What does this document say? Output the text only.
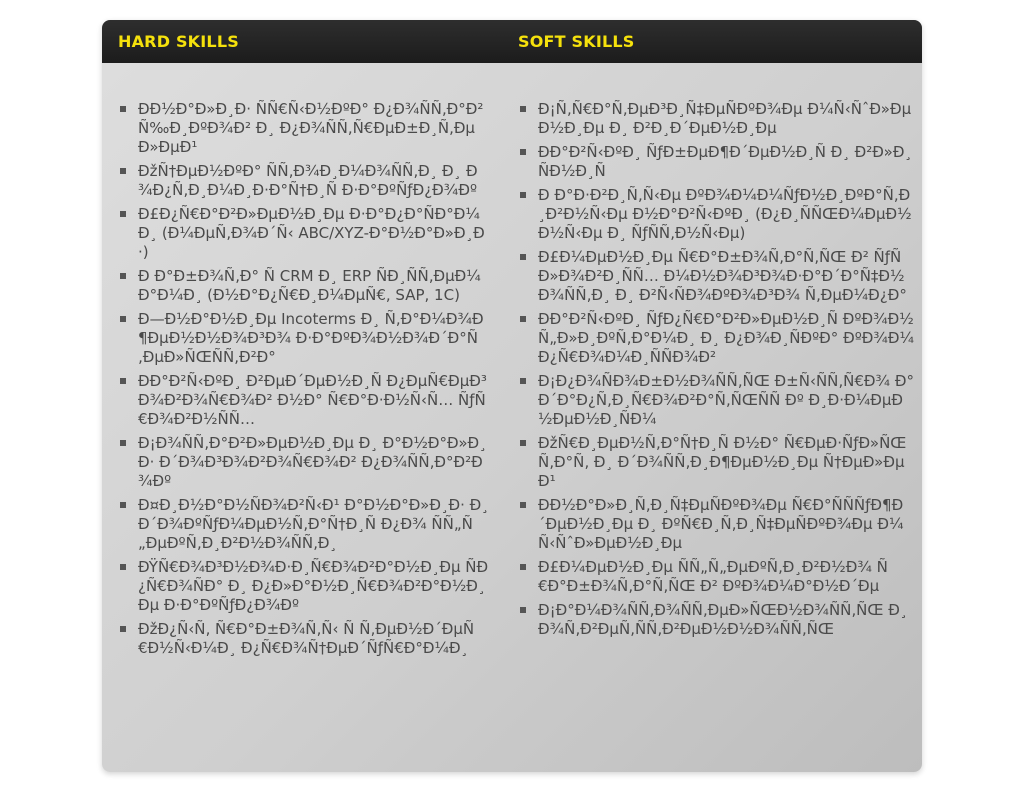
HARD SKILLS	SOFT SKILLS
ÐÐ½Ð°Ð»Ð¸Ð· ÑÑ€Ñ‹Ð½ÐºÐ° Ð¿Ð¾ÑÑ‚Ð°Ð²Ñ‰Ð¸ÐºÐ¾Ð² Ð¸ Ð¿Ð¾ÑÑ‚Ñ€ÐµÐ±Ð¸Ñ‚ÐµÐ»ÐµÐ¹
ÐžÑ†ÐµÐ½ÐºÐ° ÑÑ‚Ð¾Ð¸Ð¼Ð¾ÑÑ‚Ð¸ Ð¸ Ð¾Ð¿Ñ‚Ð¸Ð¼Ð¸Ð·Ð°Ñ†Ð¸Ñ Ð·Ð°ÐºÑƒÐ¿Ð¾Ðº
Ð£Ð¿Ñ€Ð°Ð²Ð»ÐµÐ½Ð¸Ðµ Ð·Ð°Ð¿Ð°ÑÐ°Ð¼Ð¸ (Ð¼ÐµÑ‚Ð¾Ð´Ñ‹ ABC/XYZ-Ð°Ð½Ð°Ð»Ð¸Ð·)
Ð Ð°Ð±Ð¾Ñ‚Ð° Ñ CRM Ð¸ ERP ÑÐ¸ÑÑ‚ÐµÐ¼Ð°Ð¼Ð¸ (Ð½Ð°Ð¿Ñ€Ð¸Ð¼ÐµÑ€, SAP, 1C)
Ð—Ð½Ð°Ð½Ð¸Ðµ Incoterms Ð¸ Ñ‚Ð°Ð¼Ð¾Ð¶ÐµÐ½Ð½Ð¾Ð³Ð¾ Ð·Ð°ÐºÐ¾Ð½Ð¾Ð´Ð°Ñ‚ÐµÐ»ÑŒÑÑ‚Ð²Ð°
ÐÐ°Ð²Ñ‹ÐºÐ¸ Ð²ÐµÐ´ÐµÐ½Ð¸Ñ Ð¿ÐµÑ€ÐµÐ³Ð¾Ð²Ð¾Ñ€Ð¾Ð² Ð½Ð° Ñ€Ð°Ð·Ð½Ñ‹Ñ… ÑƒÑ€Ð¾Ð²Ð½ÑÑ…
Ð¡Ð¾ÑÑ‚Ð°Ð²Ð»ÐµÐ½Ð¸Ðµ Ð¸ Ð°Ð½Ð°Ð»Ð¸Ð· Ð´Ð¾Ð³Ð¾Ð²Ð¾Ñ€Ð¾Ð² Ð¿Ð¾ÑÑ‚Ð°Ð²Ð¾Ðº
Ð¤Ð¸Ð½Ð°Ð½ÑÐ¾Ð²Ñ‹Ð¹ Ð°Ð½Ð°Ð»Ð¸Ð· Ð¸ Ð´Ð¾ÐºÑƒÐ¼ÐµÐ½Ñ‚Ð°Ñ†Ð¸Ñ Ð¿Ð¾ ÑÑ„Ñ„ÐµÐºÑ‚Ð¸Ð²Ð½Ð¾ÑÑ‚Ð¸
ÐŸÑ€Ð¾Ð³Ð½Ð¾Ð·Ð¸Ñ€Ð¾Ð²Ð°Ð½Ð¸Ðµ ÑÐ¿Ñ€Ð¾ÑÐ° Ð¸ Ð¿Ð»Ð°Ð½Ð¸Ñ€Ð¾Ð²Ð°Ð½Ð¸Ðµ Ð·Ð°ÐºÑƒÐ¿Ð¾Ðº
ÐžÐ¿Ñ‹Ñ‚ Ñ€Ð°Ð±Ð¾Ñ‚Ñ‹ Ñ Ñ‚ÐµÐ½Ð´ÐµÑ€Ð½Ñ‹Ð¼Ð¸ Ð¿Ñ€Ð¾Ñ†ÐµÐ´ÑƒÑ€Ð°Ð¼Ð¸
Ð¡Ñ‚Ñ€Ð°Ñ‚ÐµÐ³Ð¸Ñ‡ÐµÑÐºÐ¾Ðµ Ð¼Ñ‹ÑˆÐ»ÐµÐ½Ð¸Ðµ Ð¸ Ð²Ð¸Ð´ÐµÐ½Ð¸Ðµ
ÐÐ°Ð²Ñ‹ÐºÐ¸ ÑƒÐ±ÐµÐ¶Ð´ÐµÐ½Ð¸Ñ Ð¸ Ð²Ð»Ð¸ÑÐ½Ð¸Ñ
Ð Ð°Ð·Ð²Ð¸Ñ‚Ñ‹Ðµ ÐºÐ¾Ð¼Ð¼ÑƒÐ½Ð¸ÐºÐ°Ñ‚Ð¸Ð²Ð½Ñ‹Ðµ Ð½Ð°Ð²Ñ‹ÐºÐ¸ (Ð¿Ð¸ÑÑŒÐ¼ÐµÐ½Ð½Ñ‹Ðµ Ð¸ ÑƒÑÑ‚Ð½Ñ‹Ðµ)
Ð£Ð¼ÐµÐ½Ð¸Ðµ Ñ€Ð°Ð±Ð¾Ñ‚Ð°Ñ‚ÑŒ Ð² ÑƒÑÐ»Ð¾Ð²Ð¸ÑÑ… Ð¼Ð½Ð¾Ð³Ð¾Ð·Ð°Ð´Ð°Ñ‡Ð½Ð¾ÑÑ‚Ð¸ Ð¸ Ð²Ñ‹ÑÐ¾ÐºÐ¾Ð³Ð¾ Ñ‚ÐµÐ¼Ð¿Ð°
ÐÐ°Ð²Ñ‹ÐºÐ¸ ÑƒÐ¿Ñ€Ð°Ð²Ð»ÐµÐ½Ð¸Ñ ÐºÐ¾Ð½Ñ„Ð»Ð¸ÐºÑ‚Ð°Ð¼Ð¸ Ð¸ Ð¿Ð¾Ð¸ÑÐºÐ° ÐºÐ¾Ð¼Ð¿Ñ€Ð¾Ð¼Ð¸ÑÑÐ¾Ð²
Ð¡Ð¿Ð¾ÑÐ¾Ð±Ð½Ð¾ÑÑ‚ÑŒ Ð±Ñ‹ÑÑ‚Ñ€Ð¾ Ð°Ð´Ð°Ð¿Ñ‚Ð¸Ñ€Ð¾Ð²Ð°Ñ‚ÑŒÑÑ Ðº Ð¸Ð·Ð¼ÐµÐ½ÐµÐ½Ð¸ÑÐ¼
ÐžÑ€Ð¸ÐµÐ½Ñ‚Ð°Ñ†Ð¸Ñ Ð½Ð° Ñ€ÐµÐ·ÑƒÐ»ÑŒÑ‚Ð°Ñ‚ Ð¸ Ð´Ð¾ÑÑ‚Ð¸Ð¶ÐµÐ½Ð¸Ðµ Ñ†ÐµÐ»ÐµÐ¹
ÐÐ½Ð°Ð»Ð¸Ñ‚Ð¸Ñ‡ÐµÑÐºÐ¾Ðµ Ñ€Ð°ÑÑÑƒÐ¶Ð´ÐµÐ½Ð¸Ðµ Ð¸ ÐºÑ€Ð¸Ñ‚Ð¸Ñ‡ÐµÑÐºÐ¾Ðµ Ð¼Ñ‹ÑˆÐ»ÐµÐ½Ð¸Ðµ
Ð£Ð¼ÐµÐ½Ð¸Ðµ ÑÑ„Ñ„ÐµÐºÑ‚Ð¸Ð²Ð½Ð¾ Ñ€Ð°Ð±Ð¾Ñ‚Ð°Ñ‚ÑŒ Ð² ÐºÐ¾Ð¼Ð°Ð½Ð´Ðµ
Ð¡Ð°Ð¼Ð¾ÑÑ‚Ð¾ÑÑ‚ÐµÐ»ÑŒÐ½Ð¾ÑÑ‚ÑŒ Ð¸ Ð¾Ñ‚Ð²ÐµÑ‚ÑÑ‚Ð²ÐµÐ½Ð½Ð¾ÑÑ‚ÑŒ
